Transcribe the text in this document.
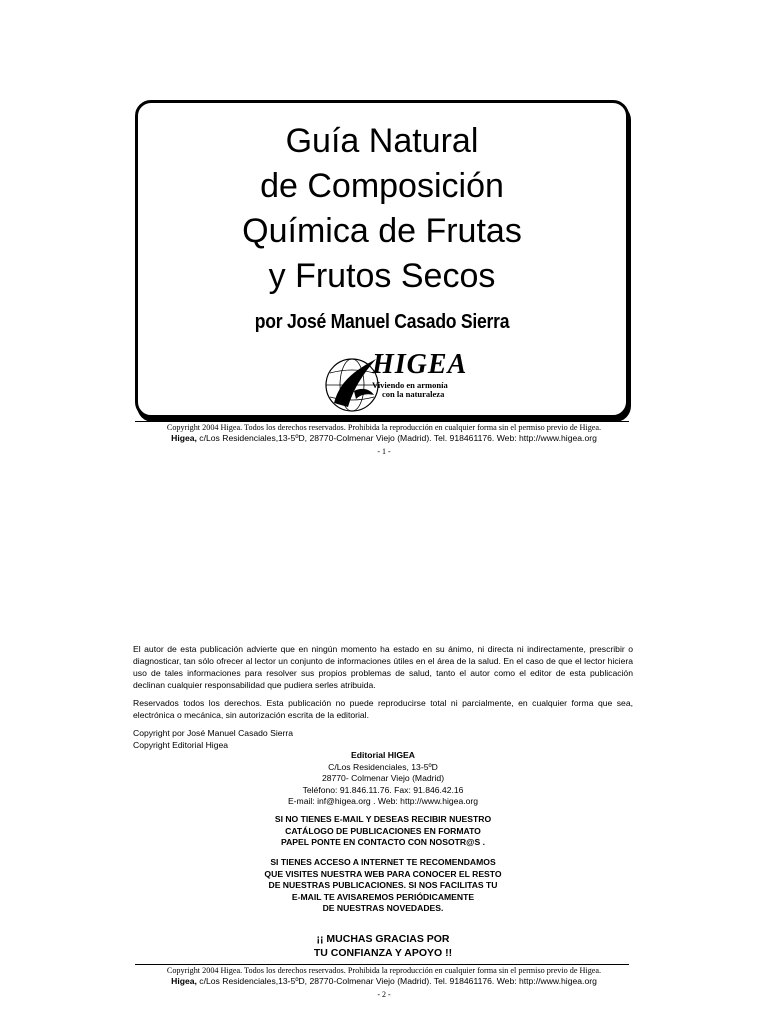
Guía Natural
de Composición
Química de Frutas
y Frutos Secos
por José Manuel Casado Sierra
HIGEA
Viviendo en armonía
con la naturaleza
Copyright 2004 Higea. Todos los derechos reservados. Prohibida la reproducción en cualquier forma sin el permiso previo de Higea.
Higea, c/Los Residenciales,13-5ºD, 28770-Colmenar Viejo (Madrid). Tel. 918461176. Web: http://www.higea.org
- 1 -
El autor de esta publicación advierte que en ningún momento ha estado en su ánimo, ni directa ni indirectamente, prescribir o diagnosticar, tan sólo ofrecer al lector un conjunto de informaciones útiles en el área de la salud. En el caso de que el lector hiciera uso de tales informaciones para resolver sus propios problemas de salud, tanto el autor como el editor de esta publicación declinan cualquier responsabilidad que pudiera serles atribuida.
Reservados todos los derechos. Esta publicación no puede reproducirse total ni parcialmente, en cualquier forma que sea, electrónica o mecánica, sin autorización escrita de la editorial.
Copyright por José Manuel Casado Sierra
Copyright Editorial Higea
Editorial HIGEA
C/Los Residenciales, 13-5ºD
28770- Colmenar Viejo (Madrid)
Teléfono: 91.846.11.76. Fax: 91.846.42.16
E-mail: inf@higea.org . Web: http://www.higea.org
SI NO TIENES E-MAIL Y DESEAS RECIBIR NUESTRO
CATÁLOGO DE PUBLICACIONES EN FORMATO
PAPEL PONTE EN CONTACTO CON NOSOTR@S .
SI TIENES ACCESO A INTERNET TE RECOMENDAMOS
QUE VISITES NUESTRA WEB PARA CONOCER EL RESTO
DE NUESTRAS PUBLICACIONES. SI NOS FACILITAS TU
E-MAIL TE AVISAREMOS PERIÓDICAMENTE
DE NUESTRAS NOVEDADES.
¡¡ MUCHAS GRACIAS POR
TU CONFIANZA Y APOYO !!
Copyright 2004 Higea. Todos los derechos reservados. Prohibida la reproducción en cualquier forma sin el permiso previo de Higea.
Higea, c/Los Residenciales,13-5ºD, 28770-Colmenar Viejo (Madrid). Tel. 918461176. Web: http://www.higea.org
- 2 -
